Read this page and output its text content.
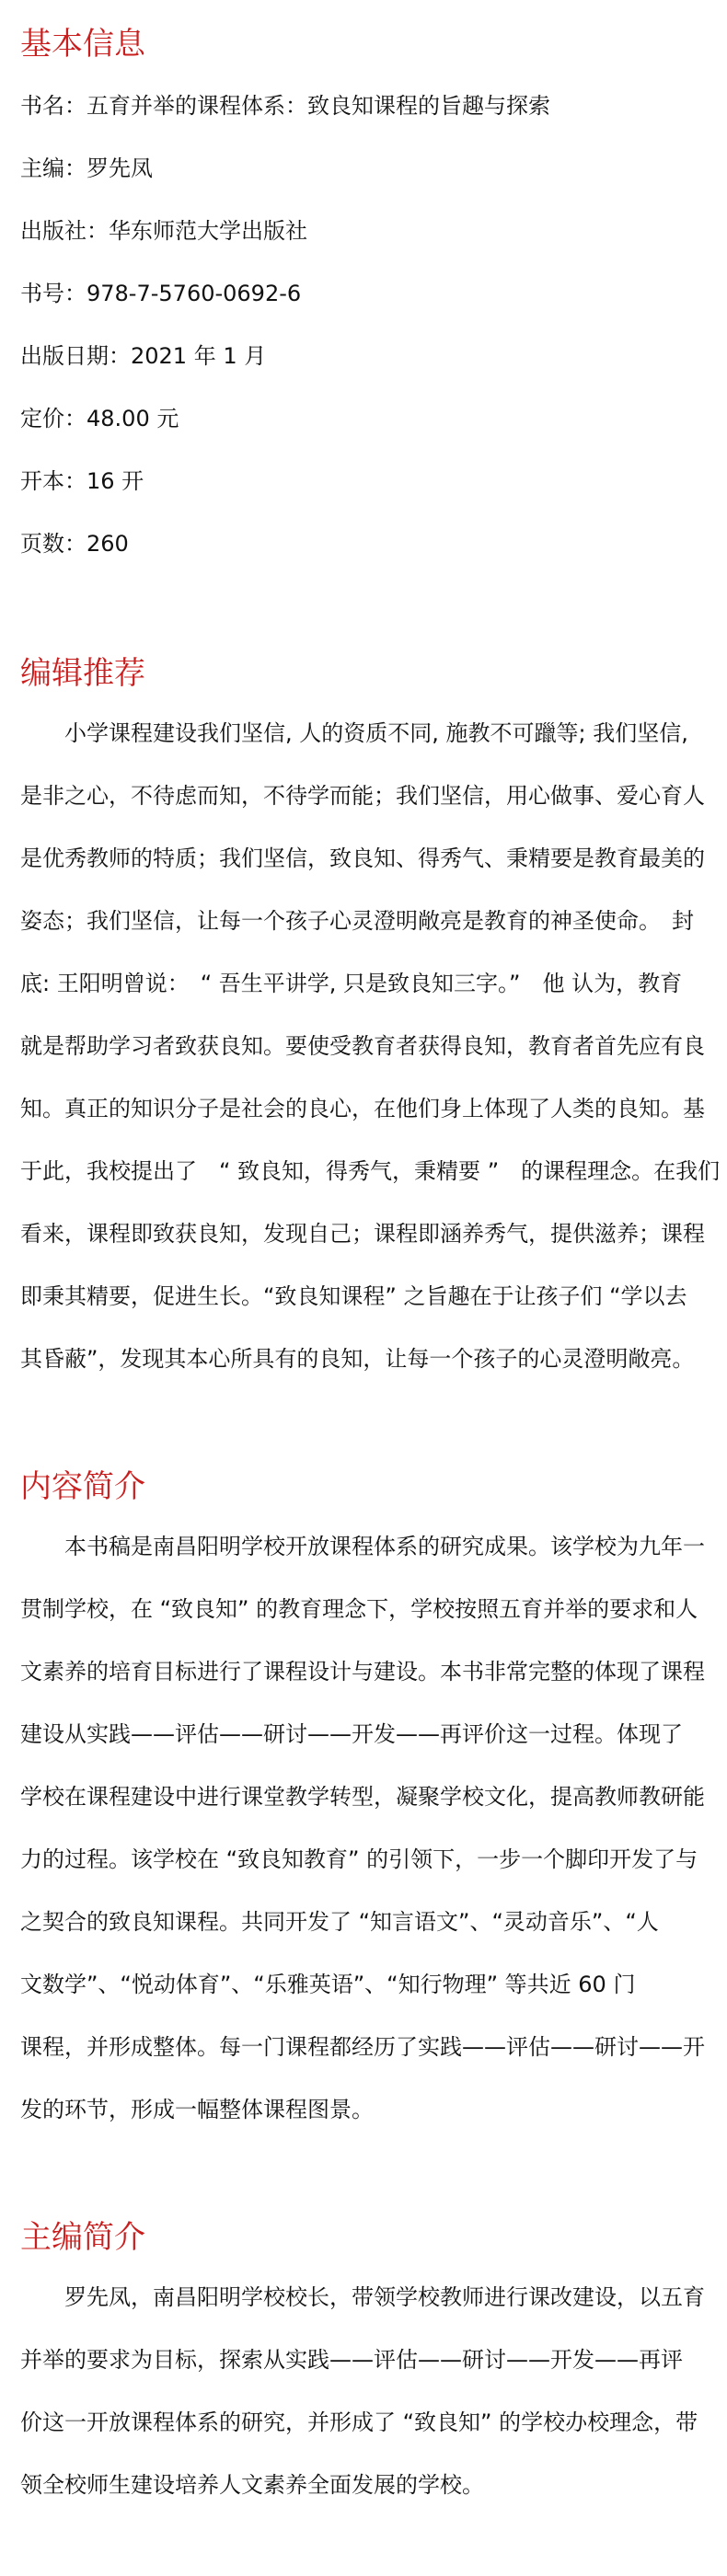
基本信息
书名：五育并举的课程体系：致良知课程的旨趣与探索
主编：罗先凤
出版社：华东师范大学出版社
书号：978-7-5760-0692-6
出版日期：2021 年 1 月
定价：48.00 元
开本：16 开
页数：260
编辑推荐
　　小学课程建设我们坚信, 人的资质不同, 施教不可躐等; 我们坚信,
是非之心，不待虑而知，不待学而能；我们坚信，用心做事、爱心育人
是优秀教师的特质；我们坚信，致良知、得秀气、秉精要是教育最美的
姿态；我们坚信，让每一个孩子心灵澄明敞亮是教育的神圣使命。　封
底: 王阳明曾说：　“ 吾生平讲学, 只是致良知三字。”　他 认为，教育
就是帮助学习者致获良知。要使受教育者获得良知，教育者首先应有良
知。真正的知识分子是社会的良心，在他们身上体现了人类的良知。基
于此，我校提出了　“ 致良知，得秀气，秉精要 ”　的课程理念。在我们
看来，课程即致获良知，发现自己；课程即涵养秀气，提供滋养；课程
即秉其精要，促进生长。“致良知课程” 之旨趣在于让孩子们 “学以去
其昏蔽”，发现其本心所具有的良知，让每一个孩子的心灵澄明敞亮。
内容简介
　　本书稿是南昌阳明学校开放课程体系的研究成果。该学校为九年一
贯制学校，在 “致良知” 的教育理念下，学校按照五育并举的要求和人
文素养的培育目标进行了课程设计与建设。本书非常完整的体现了课程
建设从实践——评估——研讨——开发——再评价这一过程。体现了
学校在课程建设中进行课堂教学转型，凝聚学校文化，提高教师教研能
力的过程。该学校在 “致良知教育” 的引领下，一步一个脚印开发了与
之契合的致良知课程。共同开发了 “知言语文”、“灵动音乐”、“人
文数学”、“悦动体育”、“乐雅英语”、“知行物理” 等共近 60 门
课程，并形成整体。每一门课程都经历了实践——评估——研讨——开
发的环节，形成一幅整体课程图景。
主编简介
　　罗先凤，南昌阳明学校校长，带领学校教师进行课改建设，以五育
并举的要求为目标，探索从实践——评估——研讨——开发——再评
价这一开放课程体系的研究，并形成了 “致良知” 的学校办校理念，带
领全校师生建设培养人文素养全面发展的学校。
